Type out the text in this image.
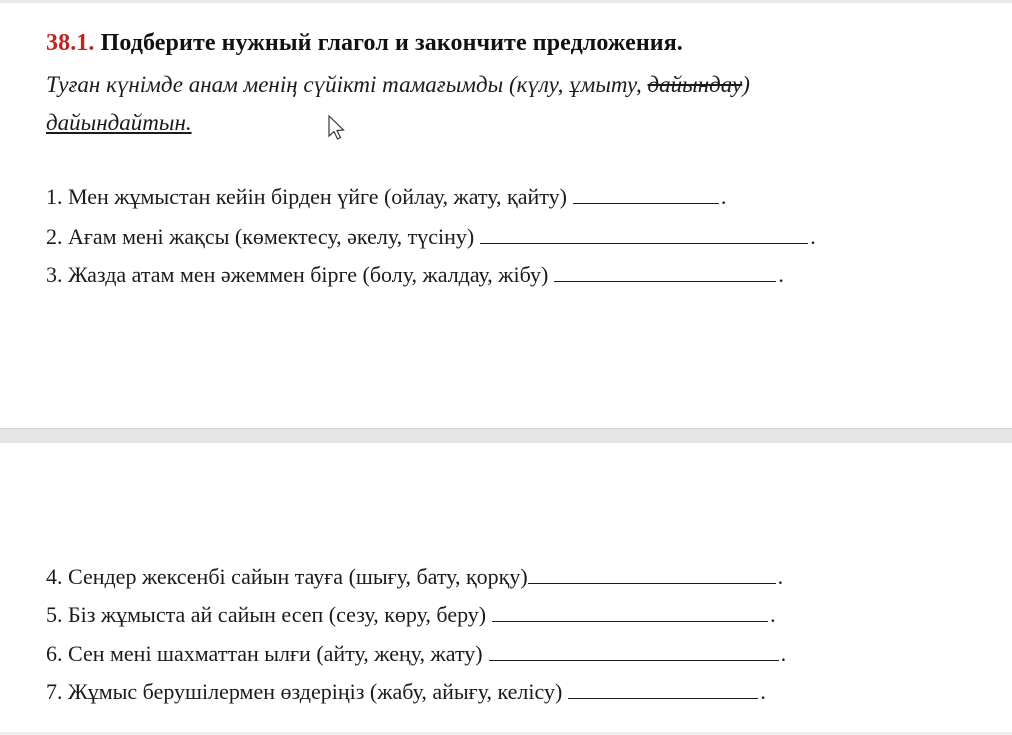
38.1. Подберите нужный глагол и закончите предложения.
Туған күнімде анам менің сүйікті тамағымды (күлу, ұмыту, дайындау)
дайындайтын.
1.
Мен жұмыстан кейін бірден үйге (ойлау, жату, қайту)	.
2.
Ағам мені жақсы (көмектесу, әкелу, түсіну)	.
3.
Жазда атам мен әжеммен бірге (болу, жалдау, жібу)	.
4.
Сендер жексенбі сайын тауға (шығу, бату, қорқу)	.
5.
Біз жұмыста ай сайын есеп (сезу, көру, беру)	.
6.
Сен мені шахматтан ылғи (айту, жеңу, жату)	.
7.
Жұмыс берушілермен өздеріңіз (жабу, айығу, келісу)	.
